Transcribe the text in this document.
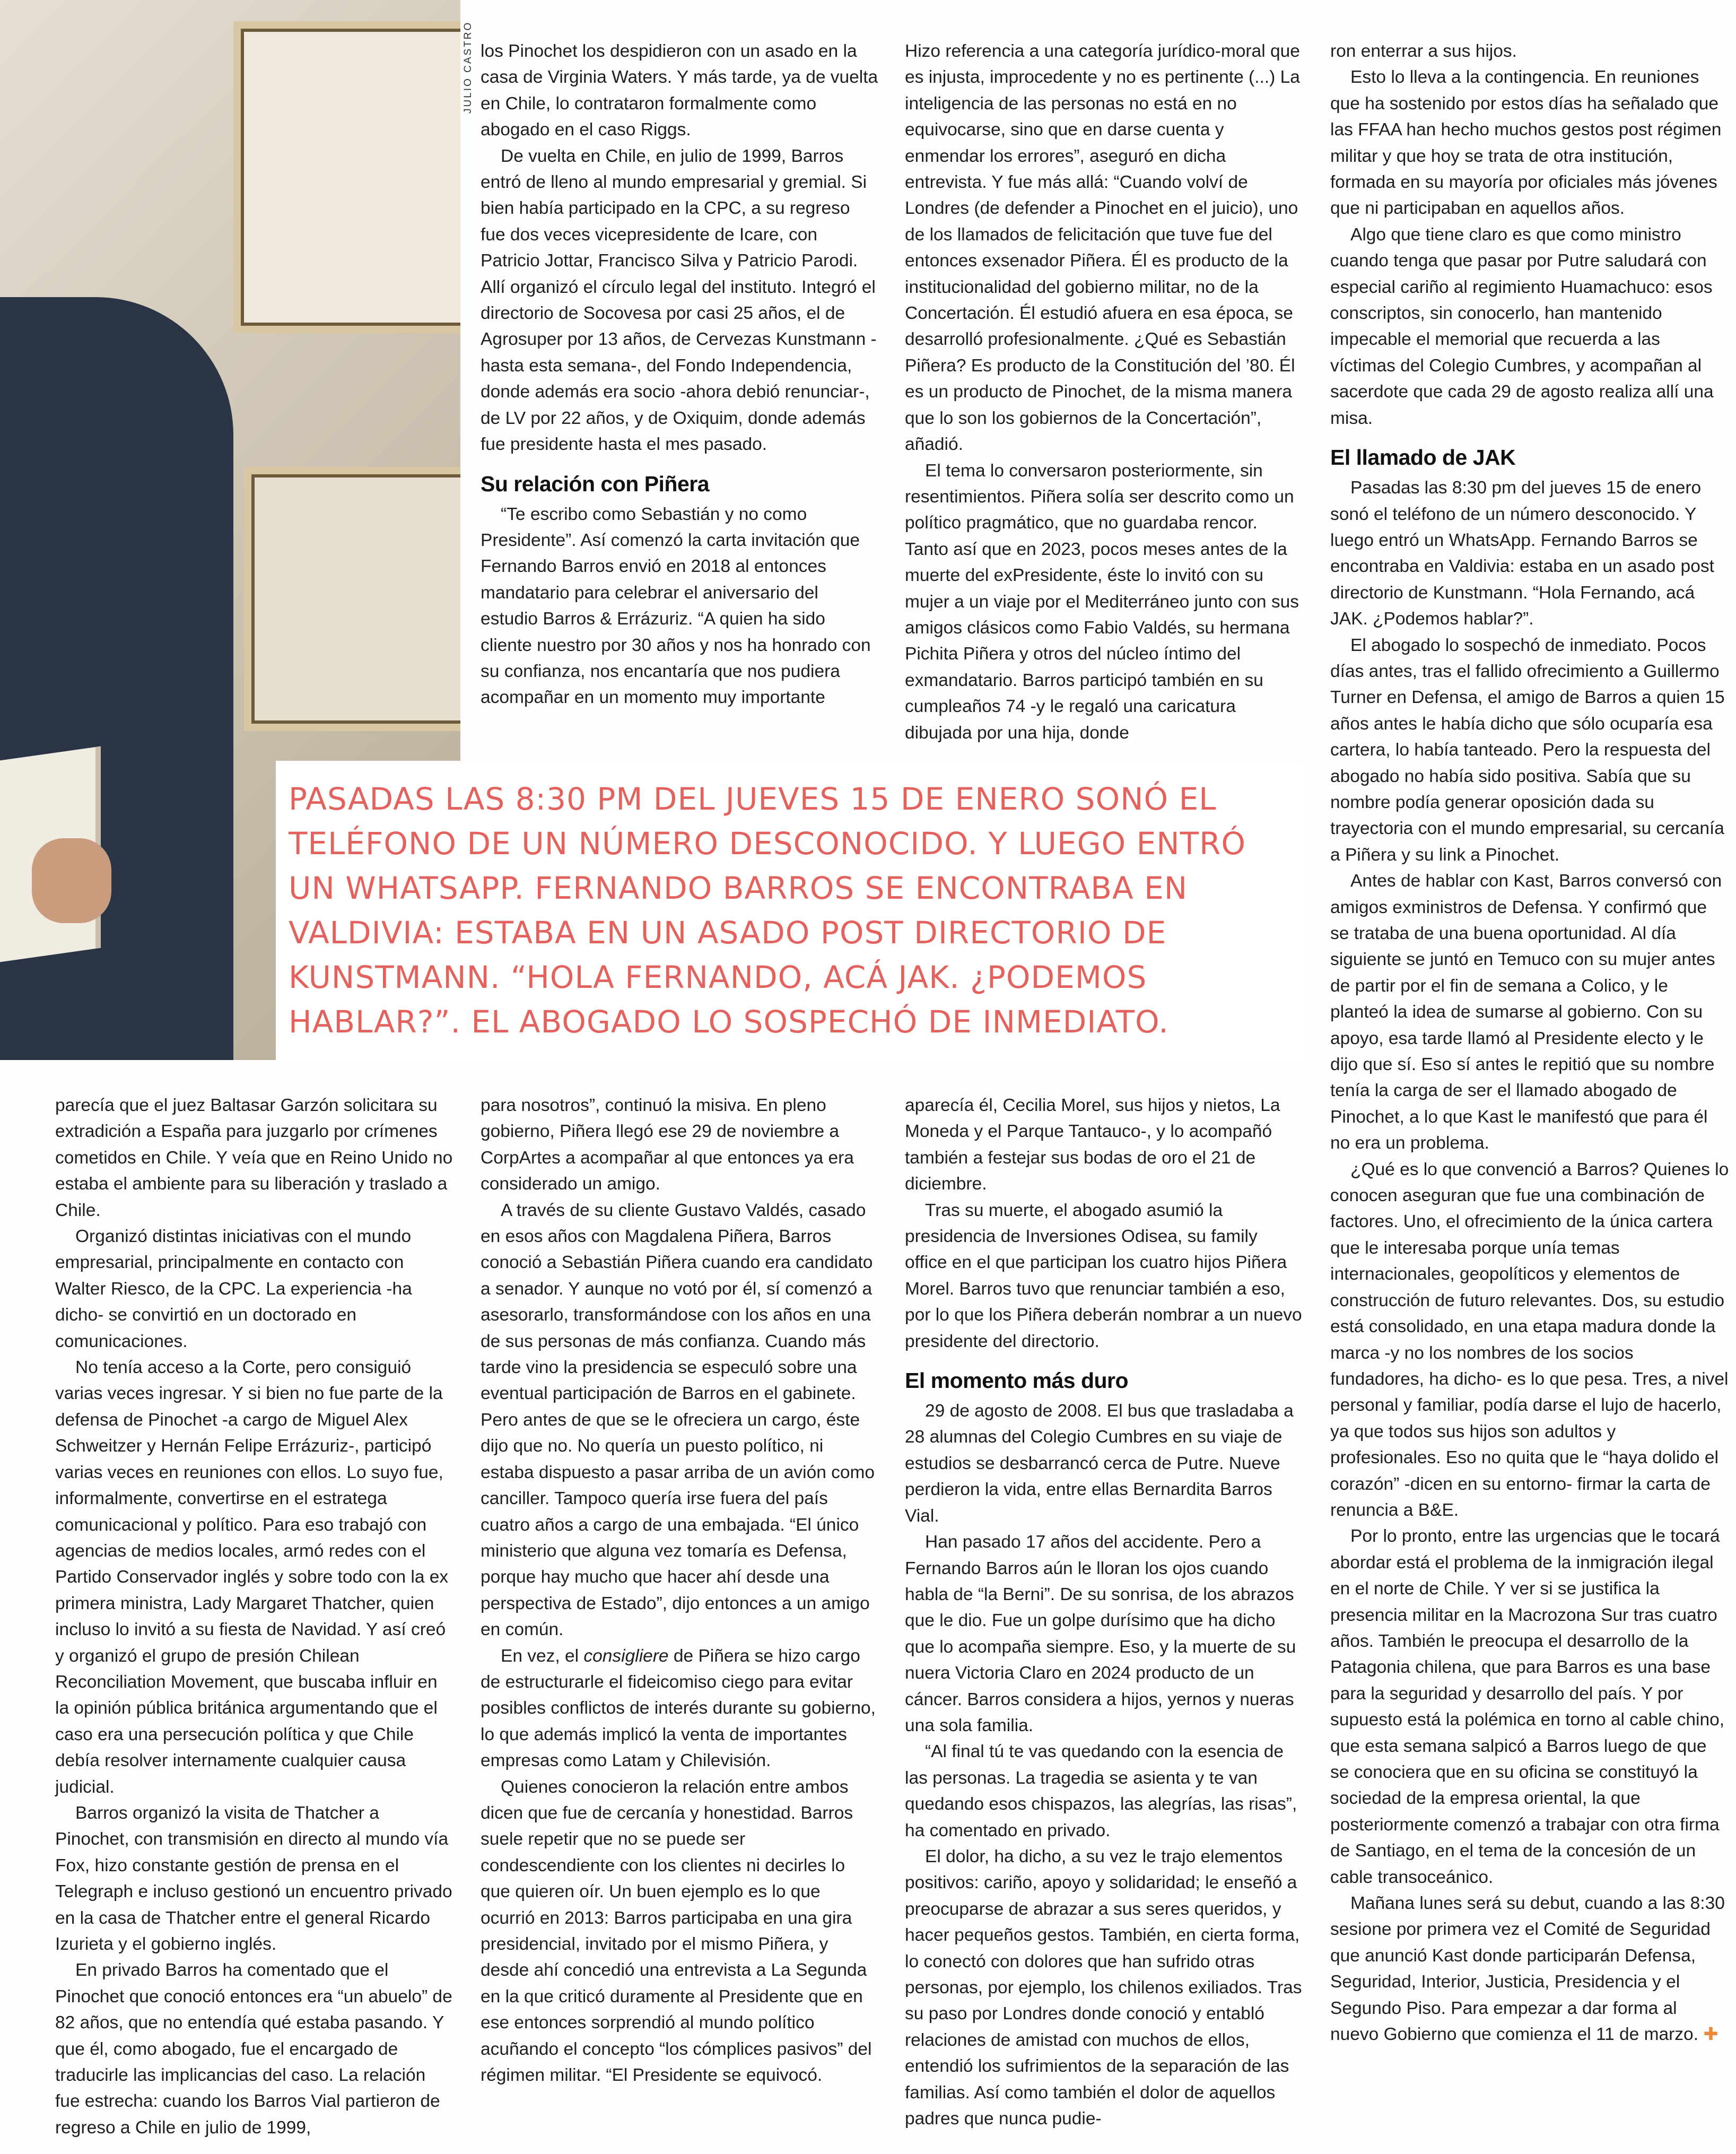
JULIO CASTRO los Pinochet los despidieron con un asado en la casa de Virginia Waters. Y más tarde, ya de vuelta en Chile, lo contrataron formalmente como abogado en el caso Riggs.

De vuelta en Chile, en julio de 1999, Barros entró de lleno al mundo empresarial y gremial. Si bien había participado en la CPC, a su regreso fue dos veces vicepresidente de Icare, con Patricio Jottar, Francisco Silva y Patricio Parodi. Allí organizó el círculo legal del instituto. Integró el directorio de Socovesa por casi 25 años, el de Agrosuper por 13 años, de Cervezas Kunstmann -hasta esta semana-, del Fondo Independencia, donde además era socio -ahora debió renunciar-, de LV por 22 años, y de Oxiquim, donde además fue presidente hasta el mes pasado.

Su relación con Piñera

“Te escribo como Sebastián y no como Presidente”. Así comenzó la carta invitación que Fernando Barros envió en 2018 al entonces mandatario para celebrar el aniversario del estudio Barros & Errázuriz. “A quien ha sido cliente nuestro por 30 años y nos ha honrado con su confianza, nos encantaría que nos pudiera acompañar en un momento muy importante

Hizo referencia a una categoría jurídico-moral que es injusta, improcedente y no es pertinente (...) La inteligencia de las personas no está en no equivocarse, sino que en darse cuenta y enmendar los errores”, aseguró en dicha entrevista. Y fue más allá: “Cuando volví de Londres (de defender a Pinochet en el juicio), uno de los llamados de felicitación que tuve fue del entonces exsenador Piñera. Él es producto de la institucionalidad del gobierno militar, no de la Concertación. Él estudió afuera en esa época, se desarrolló profesionalmente. ¿Qué es Sebastián Piñera? Es producto de la Constitución del ’80. Él es un producto de Pinochet, de la misma manera que lo son los gobiernos de la Concertación”, añadió.

El tema lo conversaron posteriormente, sin resentimientos. Piñera solía ser descrito como un político pragmático, que no guardaba rencor. Tanto así que en 2023, pocos meses antes de la muerte del exPresidente, éste lo invitó con su mujer a un viaje por el Mediterráneo junto con sus amigos clásicos como Fabio Valdés, su hermana Pichita Piñera y otros del núcleo íntimo del exmandatario. Barros participó también en su cumpleaños 74 -y le regaló una caricatura dibujada por una hija, donde

ron enterrar a sus hijos.

Esto lo lleva a la contingencia. En reuniones que ha sostenido por estos días ha señalado que las FFAA han hecho muchos gestos post régimen militar y que hoy se trata de otra institución, formada en su mayoría por oficiales más jóvenes que ni participaban en aquellos años.

Algo que tiene claro es que como ministro cuando tenga que pasar por Putre saludará con especial cariño al regimiento Huamachuco: esos conscriptos, sin conocerlo, han mantenido impecable el memorial que recuerda a las víctimas del Colegio Cumbres, y acompañan al sacerdote que cada 29 de agosto realiza allí una misa.

El llamado de JAK

Pasadas las 8:30 pm del jueves 15 de enero sonó el teléfono de un número desconocido. Y luego entró un WhatsApp. Fernando Barros se encontraba en Valdivia: estaba en un asado post directorio de Kunstmann. “Hola Fernando, acá JAK. ¿Podemos hablar?”.

El abogado lo sospechó de inmediato. Pocos días antes, tras el fallido ofrecimiento a Guillermo Turner en Defensa, el amigo de Barros a quien 15 años antes le había dicho que sólo ocuparía esa cartera, lo había tanteado. Pero la respuesta del abogado no había sido positiva. Sabía que su nombre podía generar oposición dada su trayectoria con el mundo empresarial, su cercanía a Piñera y su link a Pinochet.

Antes de hablar con Kast, Barros conversó con amigos exministros de Defensa. Y confirmó que se trataba de una buena oportunidad. Al día siguiente se juntó en Temuco con su mujer antes de partir por el fin de semana a Colico, y le planteó la idea de sumarse al gobierno. Con su apoyo, esa tarde llamó al Presidente electo y le dijo que sí. Eso sí antes le repitió que su nombre tenía la carga de ser el llamado abogado de Pinochet, a lo que Kast le manifestó que para él no era un problema.

¿Qué es lo que convenció a Barros? Quienes lo conocen aseguran que fue una combinación de factores. Uno, el ofrecimiento de la única cartera que le interesaba porque unía temas internacionales, geopolíticos y elementos de construcción de futuro relevantes. Dos, su estudio está consolidado, en una etapa madura donde la marca -y no los nombres de los socios fundadores, ha dicho- es lo que pesa. Tres, a nivel personal y familiar, podía darse el lujo de hacerlo, ya que todos sus hijos son adultos y profesionales. Eso no quita que le “haya dolido el corazón” -dicen en su entorno- firmar la carta de renuncia a B&E.

Por lo pronto, entre las urgencias que le tocará abordar está el problema de la inmigración ilegal en el norte de Chile. Y ver si se justifica la presencia militar en la Macrozona Sur tras cuatro años. También le preocupa el desarrollo de la Patagonia chilena, que para Barros es una base para la seguridad y desarrollo del país. Y por supuesto está la polémica en torno al cable chino, que esta semana salpicó a Barros luego de que se conociera que en su oficina se constituyó la sociedad de la empresa oriental, la que posteriormente comenzó a trabajar con otra firma de Santiago, en el tema de la concesión de un cable transoceánico.

Mañana lunes será su debut, cuando a las 8:30 sesione por primera vez el Comité de Seguridad que anunció Kast donde participarán Defensa, Seguridad, Interior, Justicia, Presidencia y el Segundo Piso. Para empezar a dar forma al nuevo Gobierno que comienza el 11 de marzo. ✚

PASADAS LAS 8:30 PM DEL JUEVES 15 DE ENERO SONÓ EL TELÉFONO DE UN NÚMERO DESCONOCIDO. Y LUEGO ENTRÓ UN WHATSAPP. FERNANDO BARROS SE ENCONTRABA EN VALDIVIA: ESTABA EN UN ASADO POST DIRECTORIO DE KUNSTMANN. “HOLA FERNANDO, ACÁ JAK. ¿PODEMOS HABLAR?”. EL ABOGADO LO SOSPECHÓ DE INMEDIATO.

parecía que el juez Baltasar Garzón solicitara su extradición a España para juzgarlo por crímenes cometidos en Chile. Y veía que en Reino Unido no estaba el ambiente para su liberación y traslado a Chile.

Organizó distintas iniciativas con el mundo empresarial, principalmente en contacto con Walter Riesco, de la CPC. La experiencia -ha dicho- se convirtió en un doctorado en comunicaciones.

No tenía acceso a la Corte, pero consiguió varias veces ingresar. Y si bien no fue parte de la defensa de Pinochet -a cargo de Miguel Alex Schweitzer y Hernán Felipe Errázuriz-, participó varias veces en reuniones con ellos. Lo suyo fue, informalmente, convertirse en el estratega comunicacional y político. Para eso trabajó con agencias de medios locales, armó redes con el Partido Conservador inglés y sobre todo con la ex primera ministra, Lady Margaret Thatcher, quien incluso lo invitó a su fiesta de Navidad. Y así creó y organizó el grupo de presión Chilean Reconciliation Movement, que buscaba influir en la opinión pública británica argumentando que el caso era una persecución política y que Chile debía resolver internamente cualquier causa judicial.

Barros organizó la visita de Thatcher a Pinochet, con transmisión en directo al mundo vía Fox, hizo constante gestión de prensa en el Telegraph e incluso gestionó un encuentro privado en la casa de Thatcher entre el general Ricardo Izurieta y el gobierno inglés.

En privado Barros ha comentado que el Pinochet que conoció entonces era “un abuelo” de 82 años, que no entendía qué estaba pasando. Y que él, como abogado, fue el encargado de traducirle las implicancias del caso. La relación fue estrecha: cuando los Barros Vial partieron de regreso a Chile en julio de 1999,

para nosotros”, continuó la misiva. En pleno gobierno, Piñera llegó ese 29 de noviembre a CorpArtes a acompañar al que entonces ya era considerado un amigo.

A través de su cliente Gustavo Valdés, casado en esos años con Magdalena Piñera, Barros conoció a Sebastián Piñera cuando era candidato a senador. Y aunque no votó por él, sí comenzó a asesorarlo, transformándose con los años en una de sus personas de más confianza. Cuando más tarde vino la presidencia se especuló sobre una eventual participación de Barros en el gabinete. Pero antes de que se le ofreciera un cargo, éste dijo que no. No quería un puesto político, ni estaba dispuesto a pasar arriba de un avión como canciller. Tampoco quería irse fuera del país cuatro años a cargo de una embajada. “El único ministerio que alguna vez tomaría es Defensa, porque hay mucho que hacer ahí desde una perspectiva de Estado”, dijo entonces a un amigo en común.

En vez, el consigliere de Piñera se hizo cargo de estructurarle el fideicomiso ciego para evitar posibles conflictos de interés durante su gobierno, lo que además implicó la venta de importantes empresas como Latam y Chilevisión.

Quienes conocieron la relación entre ambos dicen que fue de cercanía y honestidad. Barros suele repetir que no se puede ser condescendiente con los clientes ni decirles lo que quieren oír. Un buen ejemplo es lo que ocurrió en 2013: Barros participaba en una gira presidencial, invitado por el mismo Piñera, y desde ahí concedió una entrevista a La Segunda en la que criticó duramente al Presidente que en ese entonces sorprendió al mundo político acuñando el concepto “los cómplices pasivos” del régimen militar. “El Presidente se equivocó.

aparecía él, Cecilia Morel, sus hijos y nietos, La Moneda y el Parque Tantauco-, y lo acompañó también a festejar sus bodas de oro el 21 de diciembre.

Tras su muerte, el abogado asumió la presidencia de Inversiones Odisea, su family office en el que participan los cuatro hijos Piñera Morel. Barros tuvo que renunciar también a eso, por lo que los Piñera deberán nombrar a un nuevo presidente del directorio.

El momento más duro

29 de agosto de 2008. El bus que trasladaba a 28 alumnas del Colegio Cumbres en su viaje de estudios se desbarrancó cerca de Putre. Nueve perdieron la vida, entre ellas Bernardita Barros Vial.

Han pasado 17 años del accidente. Pero a Fernando Barros aún le lloran los ojos cuando habla de “la Berni”. De su sonrisa, de los abrazos que le dio. Fue un golpe durísimo que ha dicho que lo acompaña siempre. Eso, y la muerte de su nuera Victoria Claro en 2024 producto de un cáncer. Barros considera a hijos, yernos y nueras una sola familia.

“Al final tú te vas quedando con la esencia de las personas. La tragedia se asienta y te van quedando esos chispazos, las alegrías, las risas”, ha comentado en privado.

El dolor, ha dicho, a su vez le trajo elementos positivos: cariño, apoyo y solidaridad; le enseñó a preocuparse de abrazar a sus seres queridos, y hacer pequeños gestos. También, en cierta forma, lo conectó con dolores que han sufrido otras personas, por ejemplo, los chilenos exiliados. Tras su paso por Londres donde conoció y entabló relaciones de amistad con muchos de ellos, entendió los sufrimientos de la separación de las familias. Así como también el dolor de aquellos padres que nunca pudie-
